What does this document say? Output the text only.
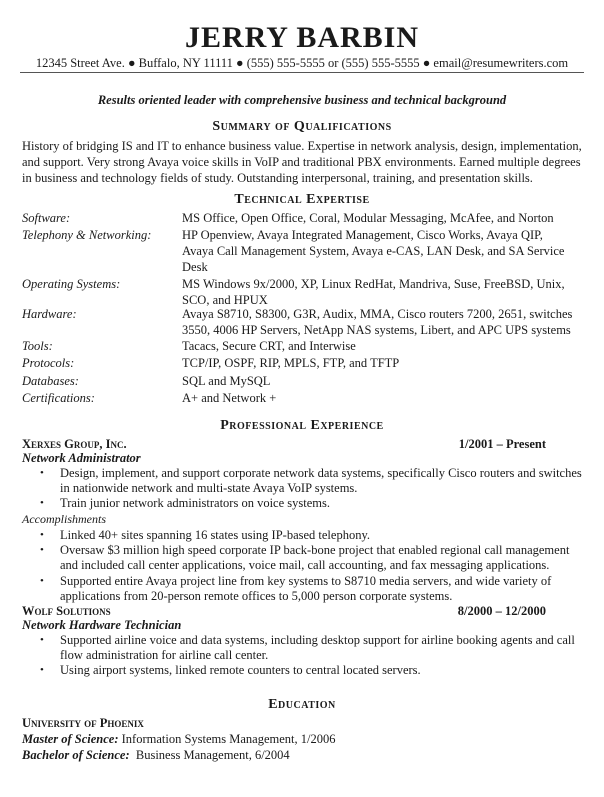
JERRY BARBIN
12345 Street Ave. ● Buffalo, NY 11111 ● (555) 555-5555 or (555) 555-5555 ● email@resumewriters.com
Results oriented leader with comprehensive business and technical background
Summary of Qualifications
History of bridging IS and IT to enhance business value. Expertise in network analysis, design, implementation,
and support. Very strong Avaya voice skills in VoIP and traditional PBX environments. Earned multiple degrees
in business and technology fields of study. Outstanding interpersonal, training, and presentation skills.
Technical Expertise
Software:	MS Office, Open Office, Coral, Modular Messaging, McAfee, and Norton
Telephony & Networking: HP Openview, Avaya Integrated Management, Cisco Works, Avaya QIP,
Avaya Call Management System, Avaya e-CAS, LAN Desk, and SA Service
Desk
Operating Systems:	MS Windows 9x/2000, XP, Linux RedHat, Mandriva, Suse, FreeBSD, Unix,
SCO, and HPUX
Hardware:	Avaya S8710, S8300, G3R, Audix, MMA, Cisco routers 7200, 2651, switches
3550, 4006 HP Servers, NetApp NAS systems, Libert, and APC UPS systems
Tools:	Tacacs, Secure CRT, and Interwise
Protocols:	TCP/IP, OSPF, RIP, MPLS, FTP, and TFTP
Databases:	SQL and MySQL
Certifications:	A+ and Network +
Professional Experience
Xerxes Group, Inc.	1/2001 – Present
Network Administrator
• Design, implement, and support corporate network data systems, specifically Cisco routers and switches
in nationwide network and multi-state Avaya VoIP systems.
• Train junior network administrators on voice systems.
Accomplishments
• Linked 40+ sites spanning 16 states using IP-based telephony.
• Oversaw $3 million high speed corporate IP back-bone project that enabled regional call management
and included call center applications, voice mail, call accounting, and fax messaging applications.
• Supported entire Avaya project line from key systems to S8710 media servers, and wide variety of
applications from 20-person remote offices to 5,000 person corporate systems.
Wolf Solutions	8/2000 – 12/2000
Network Hardware Technician
• Supported airline voice and data systems, including desktop support for airline booking agents and call
flow administration for airline call center.
• Using airport systems, linked remote counters to central located servers.
Education
University of Phoenix
Master of Science: Information Systems Management, 1/2006
Bachelor of Science:  Business Management, 6/2004
